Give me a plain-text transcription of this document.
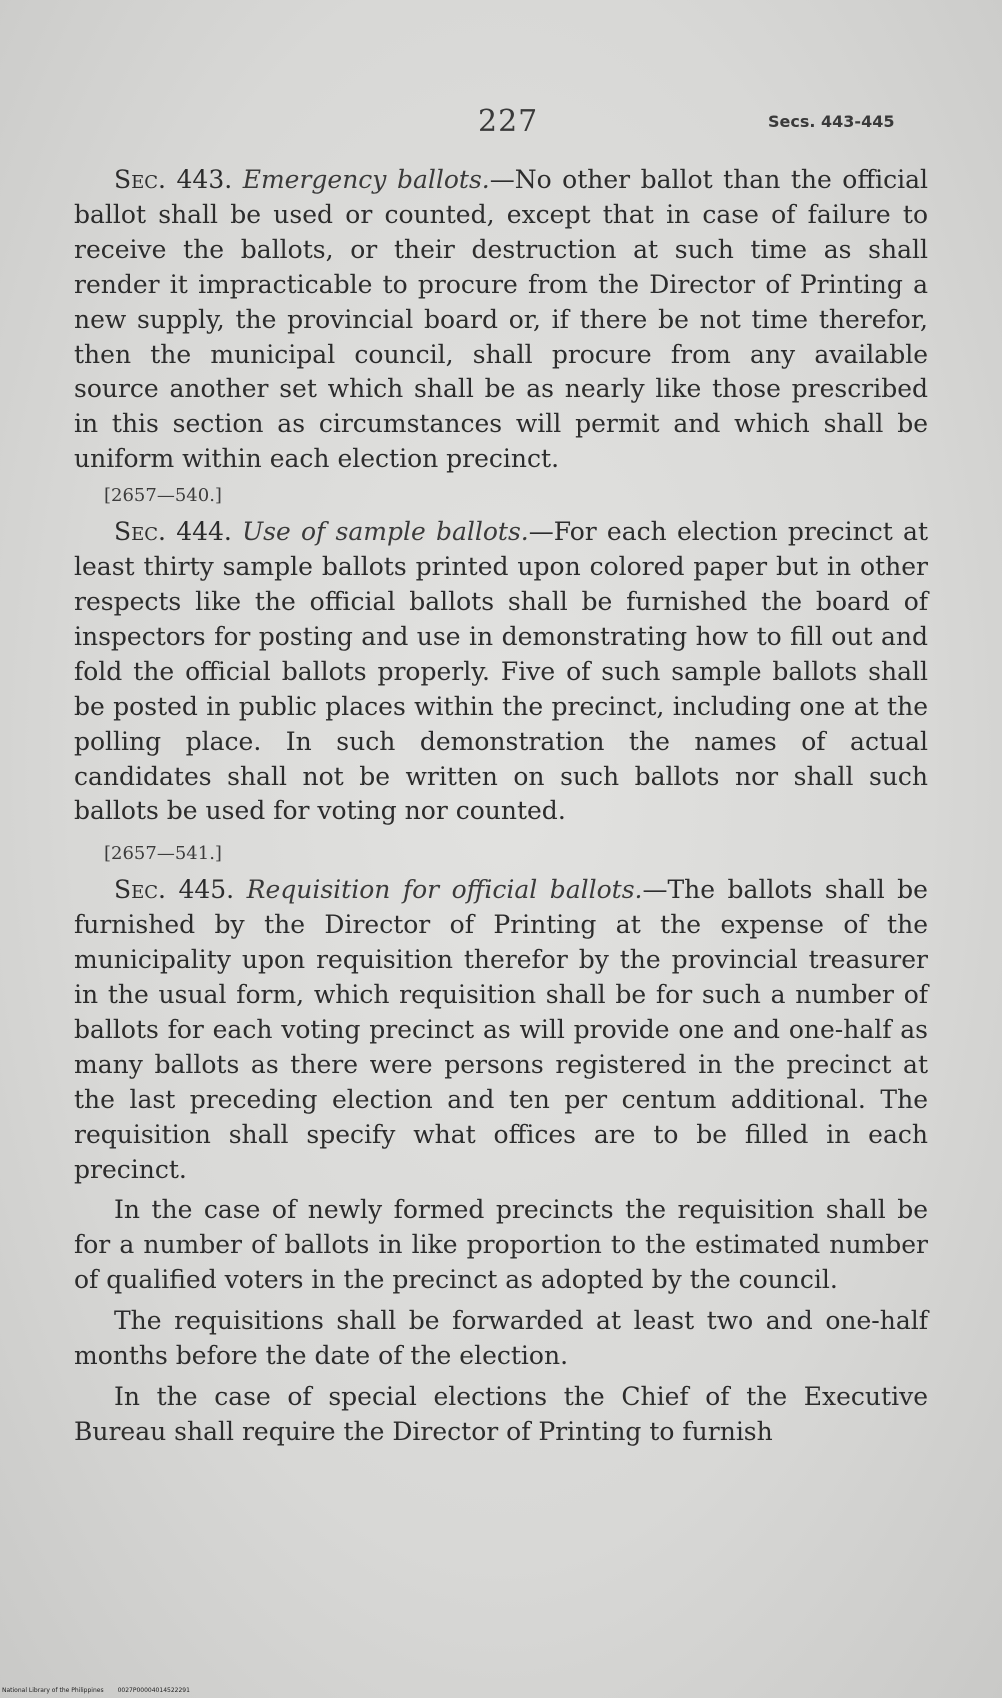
227	Secs. 443-445

Sec. 443. Emergency ballots.—No other ballot than the official ballot shall be used or counted, except that in case of failure to receive the ballots, or their destruction at such time as shall render it impracticable to procure from the Director of Printing a new supply, the provincial board or, if there be not time therefor, then the municipal council, shall procure from any available source another set which shall be as nearly like those prescribed in this section as circumstances will permit and which shall be uniform within each election precinct.

[2657—540.]

Sec. 444. Use of sample ballots.—For each election precinct at least thirty sample ballots printed upon colored paper but in other respects like the official ballots shall be furnished the board of inspectors for posting and use in demonstrating how to fill out and fold the official ballots properly. Five of such sample ballots shall be posted in public places within the precinct, including one at the polling place. In such demonstration the names of actual candidates shall not be written on such ballots nor shall such ballots be used for voting nor counted.

[2657—541.]

Sec. 445. Requisition for official ballots.—The ballots shall be furnished by the Director of Printing at the expense of the municipality upon requisition therefor by the provincial treasurer in the usual form, which requisition shall be for such a number of ballots for each voting precinct as will provide one and one-half as many ballots as there were persons registered in the precinct at the last preceding election and ten per centum additional. The requisition shall specify what offices are to be filled in each precinct.

In the case of newly formed precincts the requisition shall be for a number of ballots in like proportion to the estimated number of qualified voters in the precinct as adopted by the council.

The requisitions shall be forwarded at least two and one-half months before the date of the election.

In the case of special elections the Chief of the Executive Bureau shall require the Director of Printing to furnish

National Library of the Philippines 0027P00004014522291
